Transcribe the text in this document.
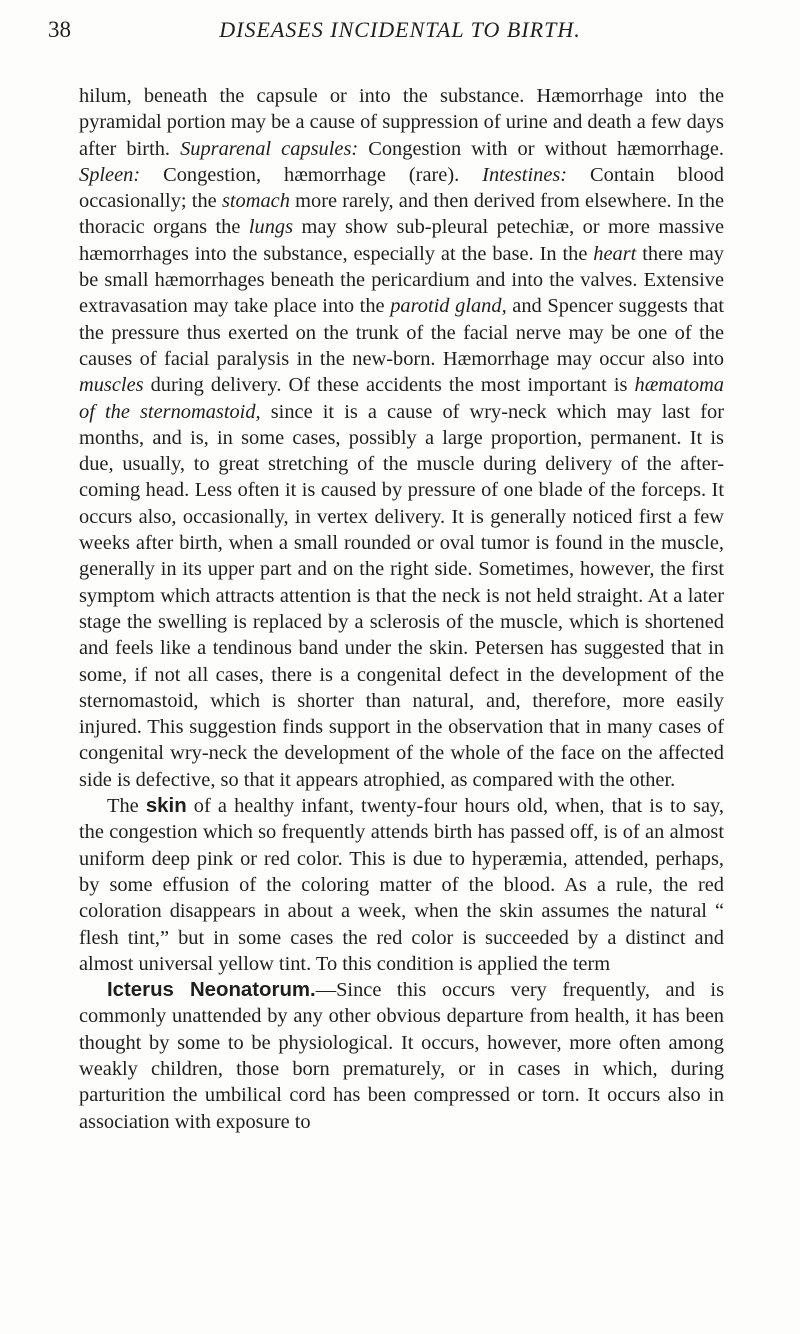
38	DISEASES INCIDENTAL TO BIRTH.

hilum, beneath the capsule or into the substance. Hæmorrhage into the pyramidal portion may be a cause of suppression of urine and death a few days after birth. Suprarenal capsules: Congestion with or without hæmorrhage. Spleen: Congestion, hæmorrhage (rare). Intestines: Contain blood occasionally; the stomach more rarely, and then derived from elsewhere. In the thoracic organs the lungs may show sub-pleural petechiæ, or more massive hæmorrhages into the substance, especially at the base. In the heart there may be small hæmorrhages beneath the pericardium and into the valves. Extensive extravasation may take place into the parotid gland, and Spencer suggests that the pressure thus exerted on the trunk of the facial nerve may be one of the causes of facial paralysis in the new-born. Hæmorrhage may occur also into muscles during delivery. Of these accidents the most important is hæmatoma of the sternomastoid, since it is a cause of wry-neck which may last for months, and is, in some cases, possibly a large proportion, permanent. It is due, usually, to great stretching of the muscle during delivery of the after-coming head. Less often it is caused by pressure of one blade of the forceps. It occurs also, occasionally, in vertex delivery. It is generally noticed first a few weeks after birth, when a small rounded or oval tumor is found in the muscle, generally in its upper part and on the right side. Sometimes, however, the first symptom which attracts attention is that the neck is not held straight. At a later stage the swelling is replaced by a sclerosis of the muscle, which is shortened and feels like a tendinous band under the skin. Petersen has suggested that in some, if not all cases, there is a congenital defect in the development of the sternomastoid, which is shorter than natural, and, therefore, more easily injured. This suggestion finds support in the observation that in many cases of congenital wry-neck the development of the whole of the face on the affected side is defective, so that it appears atrophied, as compared with the other.

The skin of a healthy infant, twenty-four hours old, when, that is to say, the congestion which so frequently attends birth has passed off, is of an almost uniform deep pink or red color. This is due to hyperæmia, attended, perhaps, by some effusion of the coloring matter of the blood. As a rule, the red coloration disappears in about a week, when the skin assumes the natural “ flesh tint,” but in some cases the red color is succeeded by a distinct and almost universal yellow tint. To this condition is applied the term

Icterus Neonatorum.—Since this occurs very frequently, and is commonly unattended by any other obvious departure from health, it has been thought by some to be physiological. It occurs, however, more often among weakly children, those born prematurely, or in cases in which, during parturition the umbilical cord has been compressed or torn. It occurs also in association with exposure to
